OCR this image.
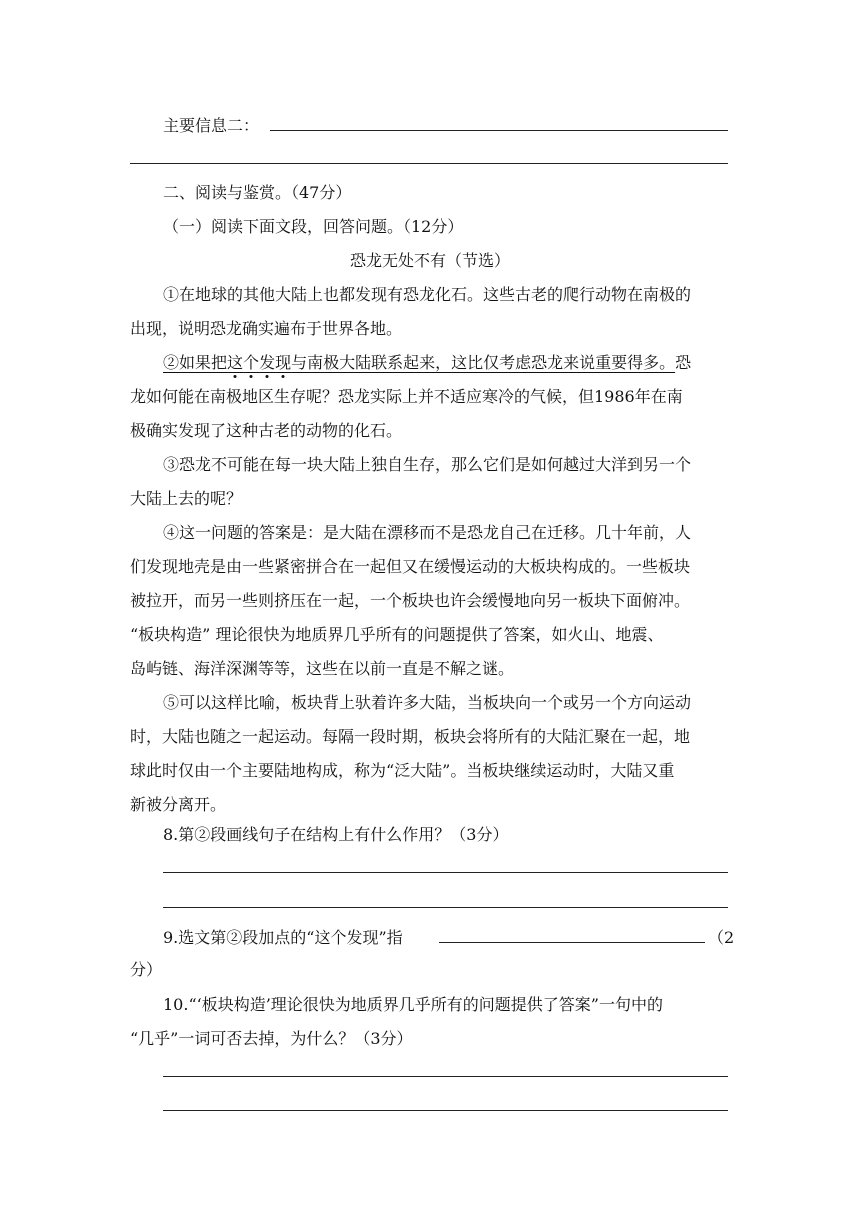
主要信息二：
二、阅读与鉴赏。（47分）
（一）阅读下面文段，回答问题。（12分）
恐龙无处不有（节选）
①在地球的其他大陆上也都发现有恐龙化石。这些古老的爬行动物在南极的
出现，说明恐龙确实遍布于世界各地。
②如果把这个发现与南极大陆联系起来，这比仅考虑恐龙来说重要得多。恐
龙如何能在南极地区生存呢？恐龙实际上并不适应寒冷的气候，但1986年在南
极确实发现了这种古老的动物的化石。
③恐龙不可能在每一块大陆上独自生存，那么它们是如何越过大洋到另一个
大陆上去的呢？
④这一问题的答案是：是大陆在漂移而不是恐龙自己在迁移。几十年前，人
们发现地壳是由一些紧密拼合在一起但又在缓慢运动的大板块构成的。一些板块
被拉开，而另一些则挤压在一起，一个板块也许会缓慢地向另一板块下面俯冲。
“板块构造” 理论很快为地质界几乎所有的问题提供了答案，如火山、地震、
岛屿链、海洋深渊等等，这些在以前一直是不解之谜。
⑤可以这样比喻，板块背上驮着许多大陆，当板块向一个或另一个方向运动
时，大陆也随之一起运动。每隔一段时期，板块会将所有的大陆汇聚在一起，地
球此时仅由一个主要陆地构成，称为“泛大陆”。当板块继续运动时，大陆又重
新被分离开。
8.第②段画线句子在结构上有什么作用？（3分）
9.选文第②段加点的“这个发现”指	（2
分）
10.“‘板块构造’理论很快为地质界几乎所有的问题提供了答案”一句中的
“几乎”一词可否去掉，为什么？（3分）
